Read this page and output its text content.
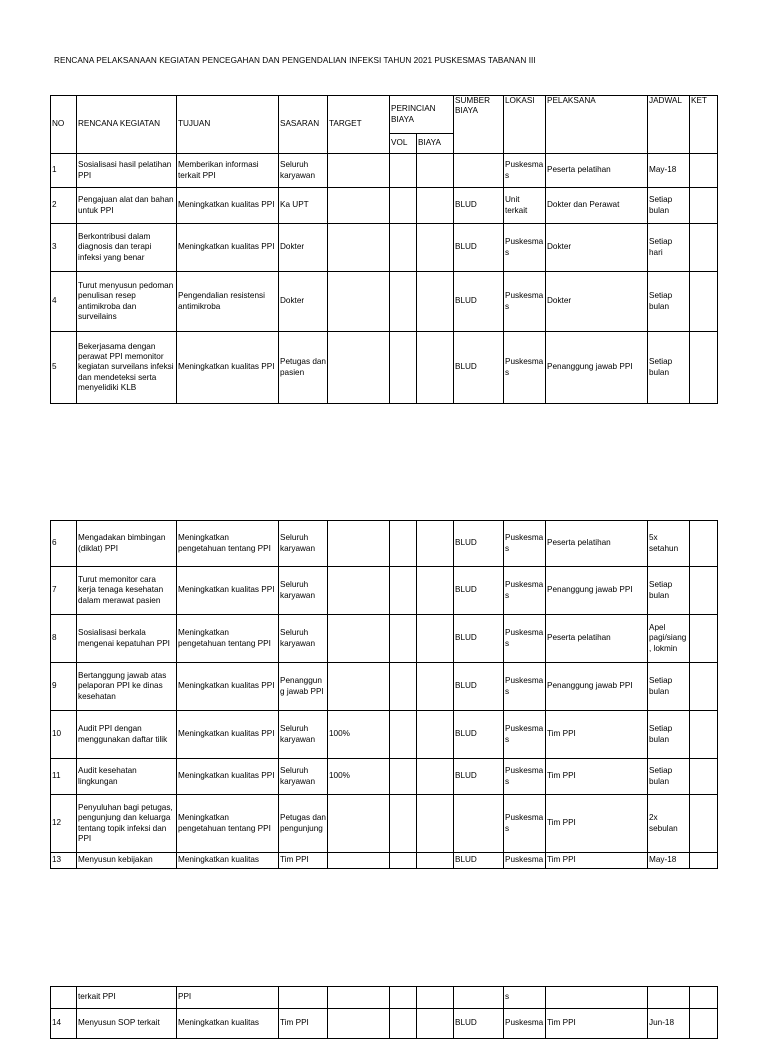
RENCANA PELAKSANAAN KEGIATAN PENCEGAHAN DAN PENGENDALIAN INFEKSI TAHUN 2021 PUSKESMAS TABANAN III
NO	RENCANA KEGIATAN	TUJUAN	SASARAN	TARGET	PERINCIAN BIAYA		SUMBER BIAYA	LOKASI	PELAKSANA	JADWAL	KET
					VOL	BIAYA					
1	Sosialisasi hasil pelatihan PPI	Memberikan informasi terkait PPI	Seluruh karyawan					Puskesma s	Peserta pelatihan	May-18	
2	Pengajuan alat dan bahan untuk PPI	Meningkatkan kualitas PPI	Ka UPT				BLUD	Unit terkait	Dokter dan Perawat	Setiap bulan	
3	Berkontribusi dalam diagnosis dan terapi infeksi yang benar	Meningkatkan kualitas PPI	Dokter				BLUD	Puskesma s	Dokter	Setiap hari	
4	Turut menyusun pedoman penulisan resep antimikroba dan surveilains	Pengendalian resistensi antimikroba	Dokter				BLUD	Puskesma s	Dokter	Setiap bulan	
5	Bekerjasama dengan perawat PPI memonitor kegiatan surveilans infeksi dan mendeteksi serta menyelidiki KLB	Meningkatkan kualitas PPI	Petugas dan pasien				BLUD	Puskesma s	Penanggung jawab PPI	Setiap bulan	
6	Mengadakan bimbingan (diklat) PPI	Meningkatkan pengetahuan tentang PPI	Seluruh karyawan				BLUD	Puskesma s	Peserta pelatihan	5x setahun	
7	Turut memonitor cara kerja tenaga kesehatan dalam merawat pasien	Meningkatkan kualitas PPI	Seluruh karyawan				BLUD	Puskesma s	Penanggung jawab PPI	Setiap bulan	
8	Sosialisasi berkala mengenai kepatuhan PPI	Meningkatkan pengetahuan tentang PPI	Seluruh karyawan				BLUD	Puskesma s	Peserta pelatihan	Apel pagi/siang , lokmin	
9	Bertanggung jawab atas pelaporan PPI ke dinas kesehatan	Meningkatkan kualitas PPI	Penanggun g jawab PPI				BLUD	Puskesma s	Penanggung jawab PPI	Setiap bulan	
10	Audit PPI dengan menggunakan daftar tilik	Meningkatkan kualitas PPI	Seluruh karyawan	100%			BLUD	Puskesma s	Tim PPI	Setiap bulan	
11	Audit kesehatan lingkungan	Meningkatkan kualitas PPI	Seluruh karyawan	100%			BLUD	Puskesma s	Tim PPI	Setiap bulan	
12	Penyuluhan bagi petugas, pengunjung dan keluarga tentang topik infeksi dan PPI	Meningkatkan pengetahuan tentang PPI	Petugas dan pengunjung					Puskesma s	Tim PPI	2x sebulan	
13	Menyusun kebijakan	Meningkatkan kualitas	Tim PPI				BLUD	Puskesma	Tim PPI	May-18	
	terkait PPI	PPI						s			
14	Menyusun SOP terkait	Meningkatkan kualitas	Tim PPI				BLUD	Puskesma	Tim PPI	Jun-18	
